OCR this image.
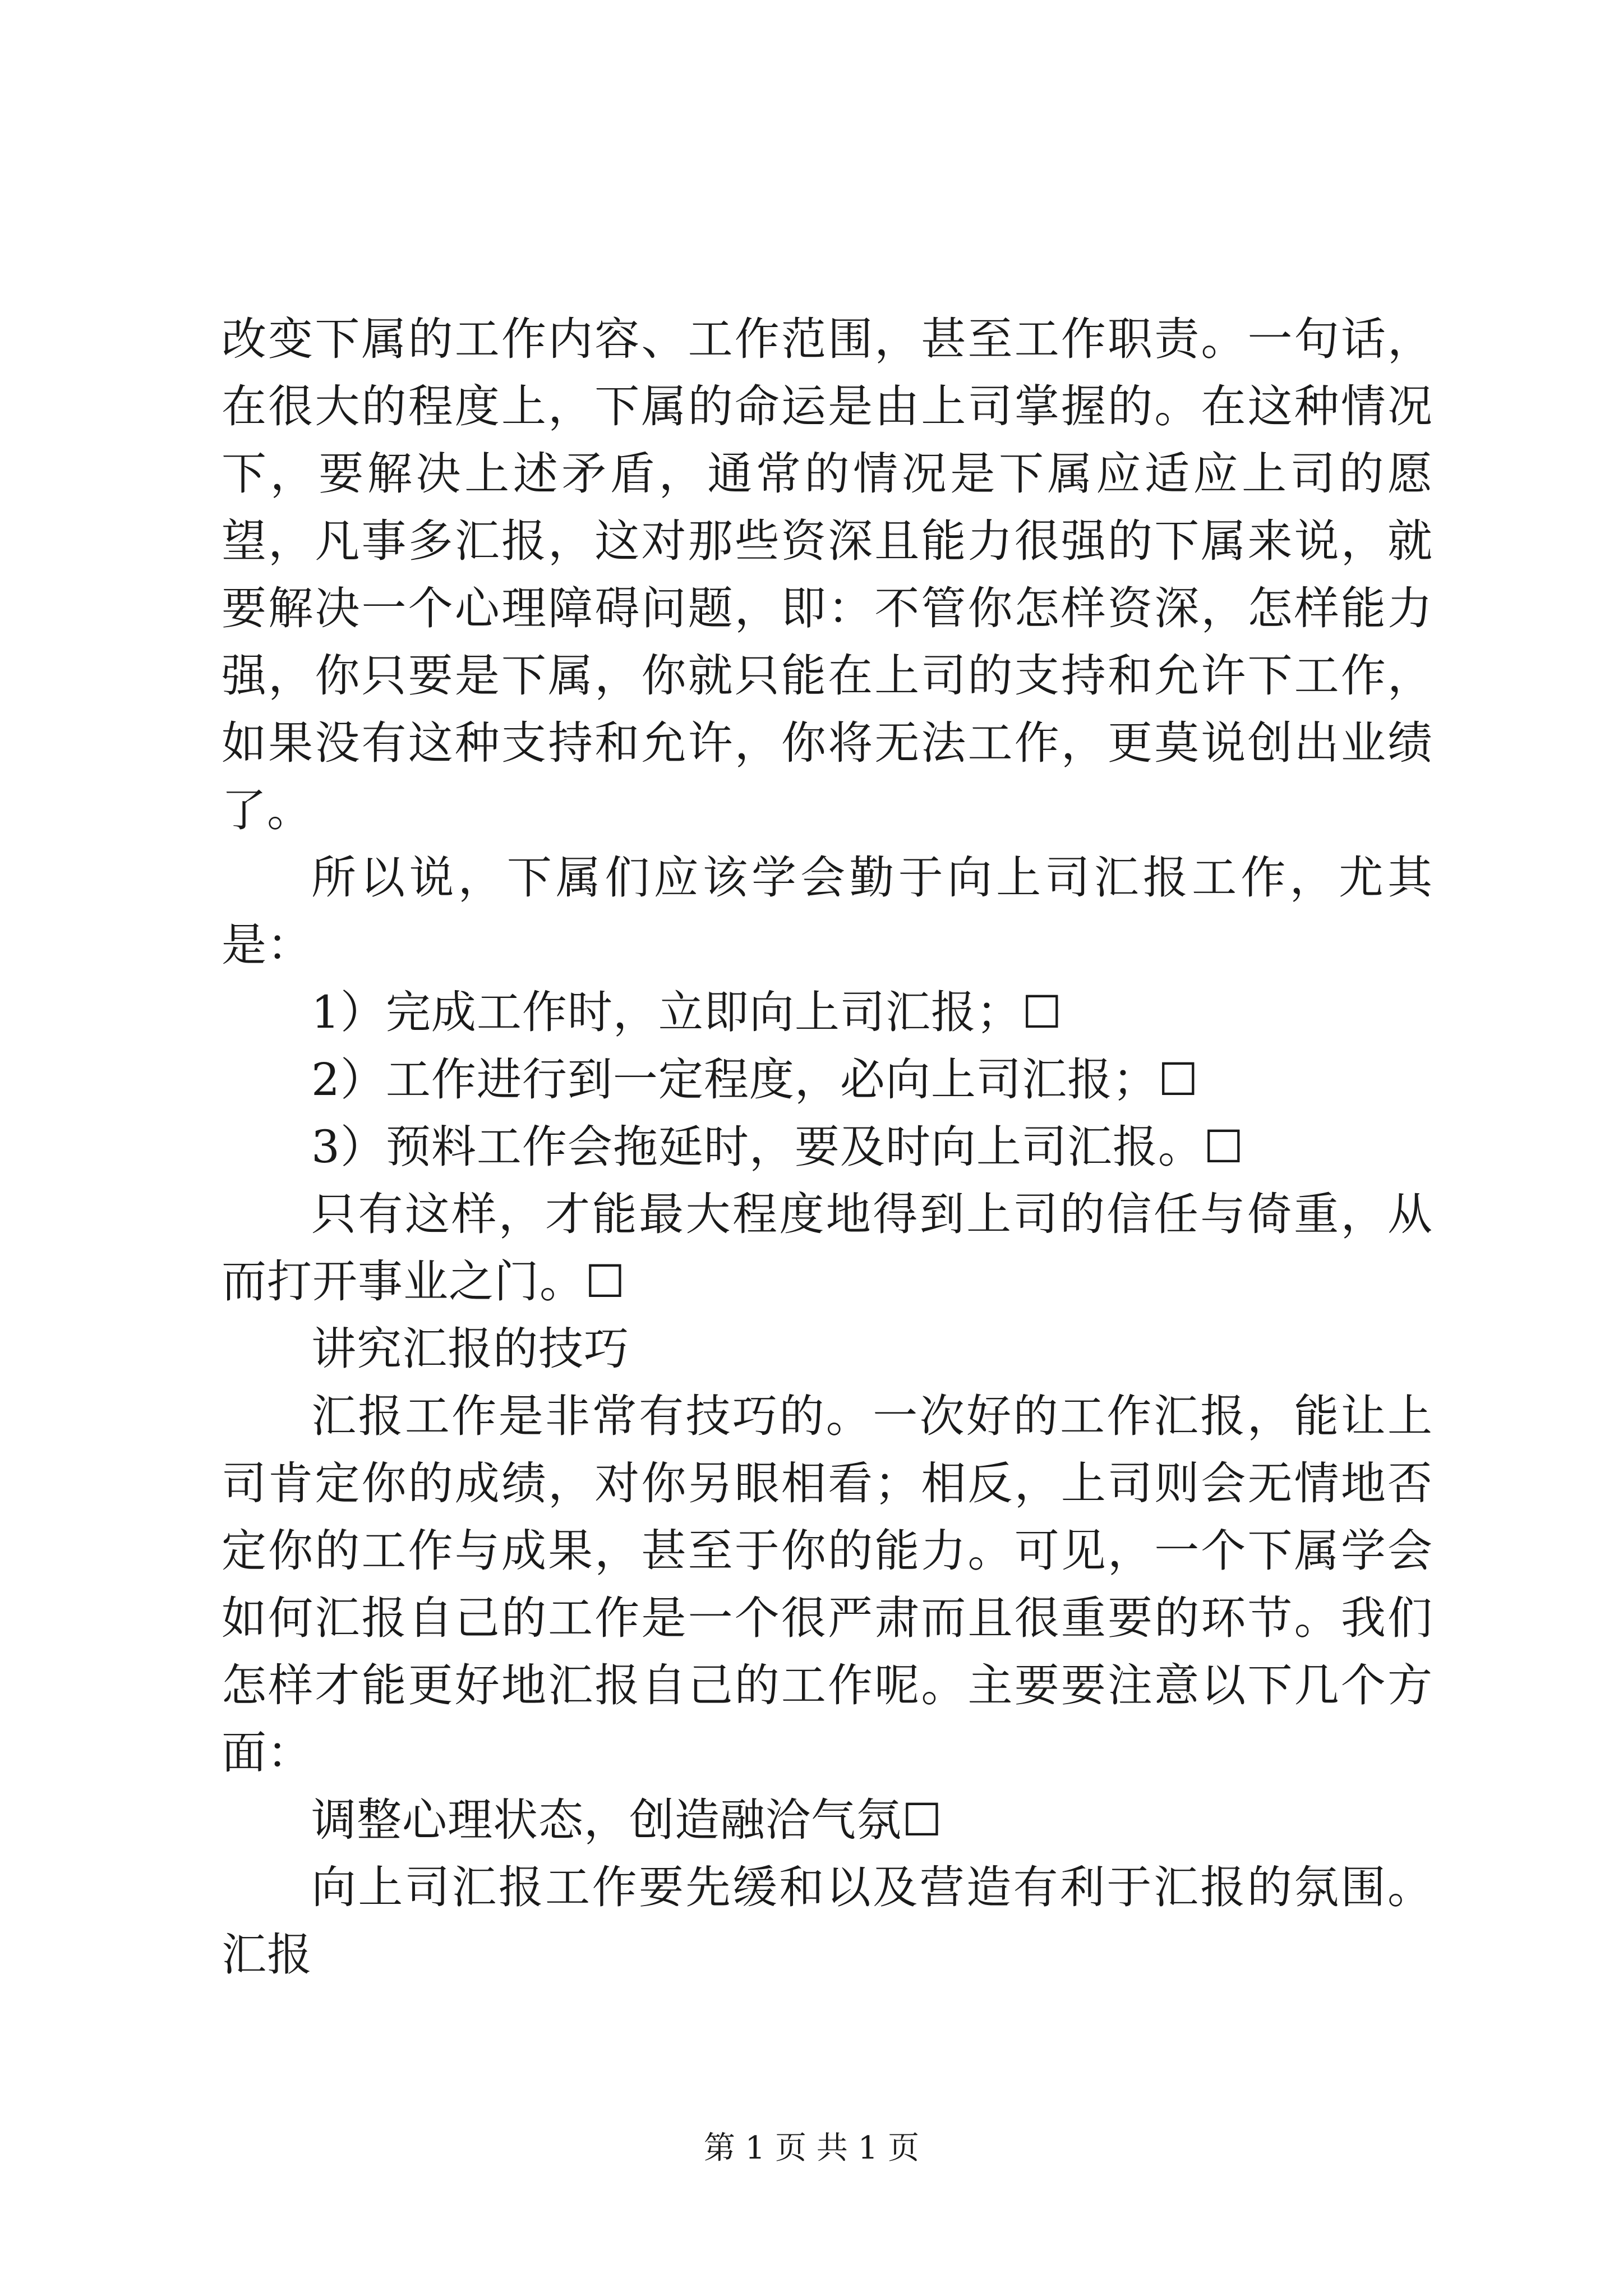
改变下属的工作内容、工作范围，甚至工作职责。一句话，在很大的程度上，下属的命运是由上司掌握的。在这种情况下，要解决上述矛盾，通常的情况是下属应适应上司的愿望，凡事多汇报，这对那些资深且能力很强的下属来说，就要解决一个心理障碍问题，即：不管你怎样资深，怎样能力强，你只要是下属，你就只能在上司的支持和允许下工作，如果没有这种支持和允许，你将无法工作，更莫说创出业绩了。

所以说，下属们应该学会勤于向上司汇报工作，尤其是：

1）完成工作时，立即向上司汇报；☐

2）工作进行到一定程度，必向上司汇报；☐

3）预料工作会拖延时，要及时向上司汇报。☐

只有这样，才能最大程度地得到上司的信任与倚重，从而打开事业之门。☐

讲究汇报的技巧

汇报工作是非常有技巧的。一次好的工作汇报，能让上司肯定你的成绩，对你另眼相看；相反，上司则会无情地否定你的工作与成果，甚至于你的能力。可见，一个下属学会如何汇报自己的工作是一个很严肃而且很重要的环节。我们怎样才能更好地汇报自己的工作呢。主要要注意以下几个方面：

调整心理状态，创造融洽气氛☐

向上司汇报工作要先缓和以及营造有利于汇报的氛围。汇报

第 1 页 共 1 页
